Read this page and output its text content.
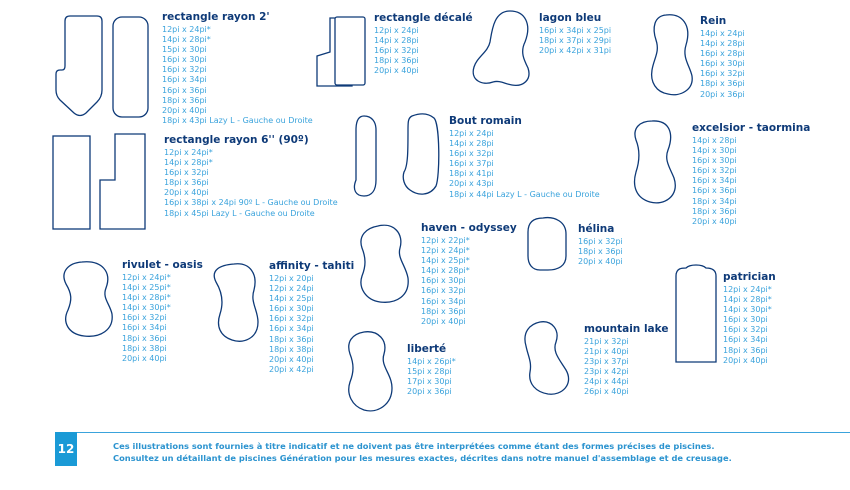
rectangle rayon 2'
12pi x 24pi*
14pi x 28pi*
15pi x 30pi
16pi x 30pi
16pi x 32pi
16pi x 34pi
16pi x 36pi
18pi x 36pi
20pi x 40pi
18pi x 43pi Lazy L - Gauche ou Droite
rectangle décalé
12pi x 24pi
14pi x 28pi
16pi x 32pi
18pi x 36pi
20pi x 40pi
lagon bleu
16pi x 34pi x 25pi
18pi x 37pi x 29pi
20pi x 42pi x 31pi
Rein
14pi x 24pi
14pi x 28pi
16pi x 28pi
16pi x 30pi
16pi x 32pi
18pi x 36pi
20pi x 36pi
rectangle rayon 6'' (90º)
12pi x 24pi*
14pi x 28pi*
16pi x 32pi
18pi x 36pi
20pi x 40pi
16pi x 38pi x 24pi 90º L - Gauche ou Droite
18pi x 45pi Lazy L - Gauche ou Droite
Bout romain
12pi x 24pi
14pi x 28pi
16pi x 32pi
16pi x 37pi
18pi x 41pi
20pi x 43pi
18pi x 44pi Lazy L - Gauche ou Droite
excelsior - taormina
14pi x 28pi
14pi x 30pi
16pi x 30pi
16pi x 32pi
16pi x 34pi
16pi x 36pi
18pi x 34pi
18pi x 36pi
20pi x 40pi
haven - odyssey
12pi x 22pi*
12pi x 24pi*
14pi x 25pi*
14pi x 28pi*
16pi x 30pi
16pi x 32pi
16pi x 34pi
18pi x 36pi
20pi x 40pi
hélina
16pi x 32pi
18pi x 36pi
20pi x 40pi
rivulet - oasis
12pi x 24pi*
14pi x 25pi*
14pi x 28pi*
14pi x 30pi*
16pi x 32pi
16pi x 34pi
18pi x 36pi
18pi x 38pi
20pi x 40pi
affinity - tahiti
12pi x 20pi
12pi x 24pi
14pi x 25pi
16pi x 30pi
16pi x 32pi
16pi x 34pi
18pi x 36pi
18pi x 38pi
20pi x 40pi
20pi x 42pi
patrician
12pi x 24pi*
14pi x 28pi*
14pi x 30pi*
16pi x 30pi
16pi x 32pi
16pi x 34pi
18pi x 36pi
20pi x 40pi
mountain lake
21pi x 32pi
21pi x 40pi
23pi x 37pi
23pi x 42pi
24pi x 44pi
26pi x 40pi
liberté
14pi x 26pi*
15pi x 28pi
17pi x 30pi
20pi x 36pi
12	Ces illustrations sont fournies à titre indicatif et ne doivent pas être interprétées comme étant des formes précises de piscines.
Consultez un détaillant de piscines Génération pour les mesures exactes, décrites dans notre manuel d'assemblage et de creusage.
